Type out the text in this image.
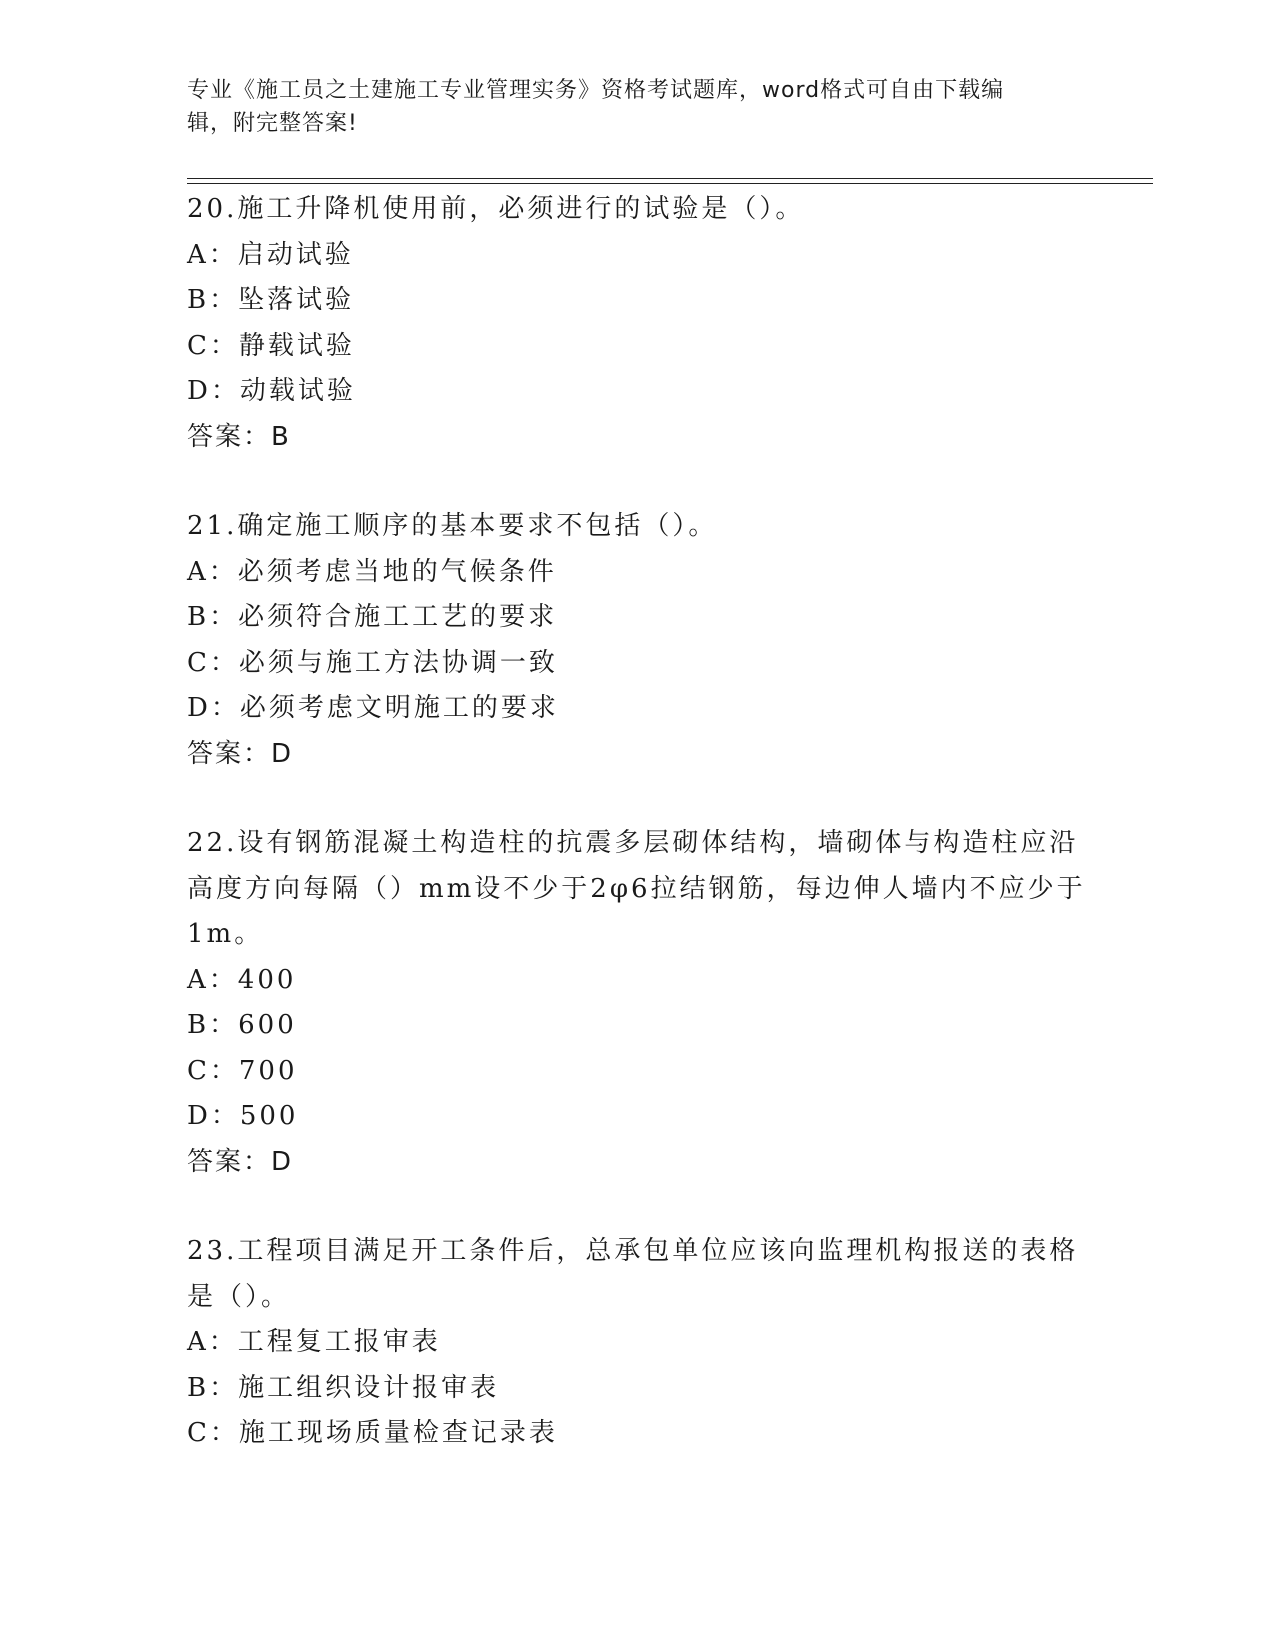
专业《施工员之土建施工专业管理实务》资格考试题库，word格式可自由下载编
辑，附完整答案!

20.施工升降机使用前，必须进行的试验是（）。

A：启动试验

B：坠落试验

C：静载试验

D：动载试验

答案：B

21.确定施工顺序的基本要求不包括（）。

A：必须考虑当地的气候条件

B：必须符合施工工艺的要求

C：必须与施工方法协调一致

D：必须考虑文明施工的要求

答案：D

22.设有钢筋混凝土构造柱的抗震多层砌体结构，墙砌体与构造柱应沿

高度方向每隔（）mm设不少于2φ6拉结钢筋，每边伸人墙内不应少于

1m。

A：400

B：600

C：700

D：500

答案：D

23.工程项目满足开工条件后，总承包单位应该向监理机构报送的表格

是（）。

A：工程复工报审表

B：施工组织设计报审表

C：施工现场质量检查记录表
